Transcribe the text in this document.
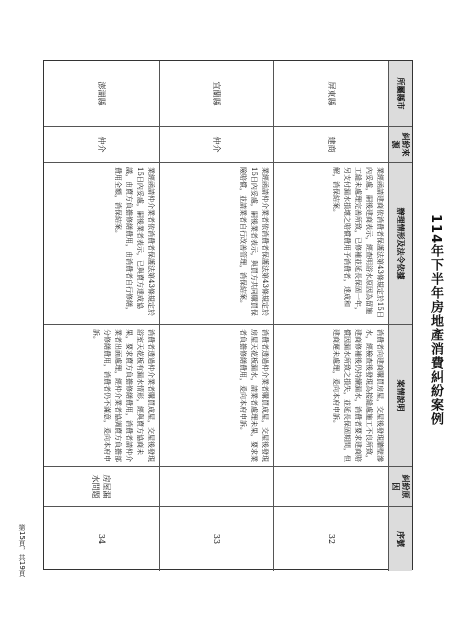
114年下半年房地產消費糾紛案例
所屬縣市
糾紛來源
辦理情形及法令依據
案情說明
糾紛原因
序號
屏東縣
建商
業經函請建商依消費者保護法第43條規定於15日內妥處，嗣後建商表示，經查明浴水原因為留施工縫未處理完善所致，已修補並延長保固一年，另支付漏水損壞之賠償費用予消費者，達成和解，消保結案。
消費者向建商購買房屋，交屋後發現牆壁滲水，經檢查後發現為接縫處施工不良所致，建商修補後仍持續漏水，消費者要求建商賠償因漏水所致之損失，並延長保固期間，但建商遲未處理，爰向本府申訴。
32
宜蘭縣
仲介
業經函請仲介業者依消費者保護法第43條規定於15日內妥處，嗣後業者表示，與買方共同購買保險賠償，並請業者自行改善管理，消保結案。
消費者透過仲介業者購買成屋，交屋後發現房屋天花板漏水，請業者處理未果，要求業者負擔修繕費用，爰向本府申訴。
33
澎湖縣
仲介
業經函請仲介業者依消費者保護法第43條規定於15日內妥處，嗣後業者表示，已與賣方達成協議，由賣方負擔修繕費用，由消費者自行修繕，費用全額，消保結案。
消費者透過仲介業者購買成屋，交屋後發現浴室天花板有漏水情形，經與賣方協商未果，要求賣方負擔修繕費用，消費者請仲介業者出面處理，經仲介業者協調賣方負擔部分修繕費用，消費者仍不滿意，爰向本府申訴。
房屋漏水問題
34
第15頁，共19頁
